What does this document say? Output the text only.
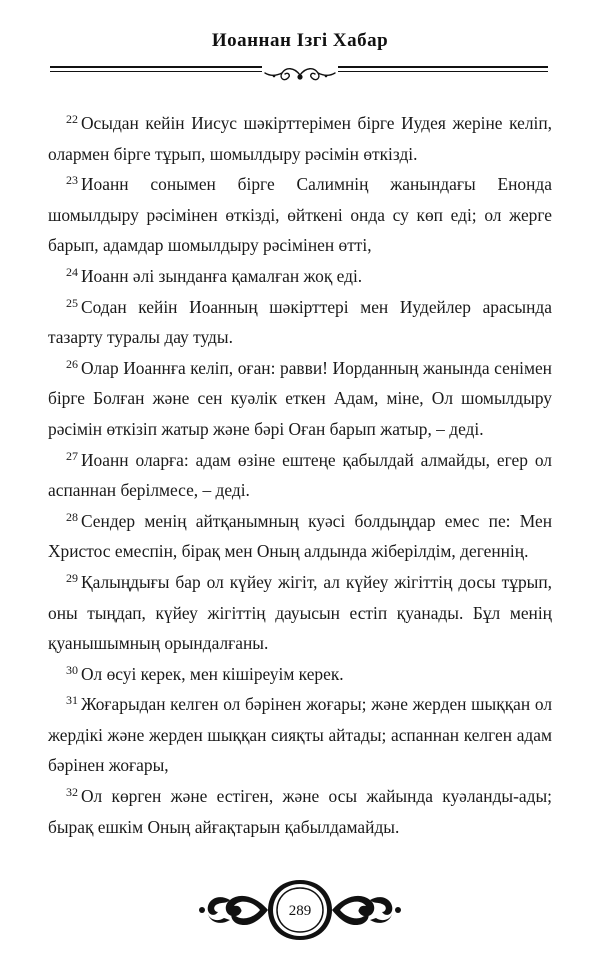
Иоаннан Ізгі Хабар

$^{22}$ Осыдан кейін Иисус шәкірттерімен бірге Иудея жеріне келіп, олармен бірге тұрып, шомылдыру рәсімін өткізді.

$^{23}$ Иоанн сонымен бірге Салимнің жанындағы Енонда шомылдыру рәсімінен өткізді, өйткені онда су көп еді; ол жерге барып, адамдар шомылдыру рәсімінен өтті,

$^{24}$ Иоанн әлі зынданға қамалған жоқ еді.

$^{25}$ Содан кейін Иоанның шәкірттері мен Иудейлер арасында тазарту туралы дау туды.

$^{26}$ Олар Иоаннға келіп, оған: равви! Иорданның жанында сенімен бірге Болған және сен куәлік еткен Адам, міне, Ол шомылдыру рәсімін өткізіп жатыр және бәрі Оған барып жатыр, – деді.

$^{27}$ Иоанн оларға: адам өзіне ештеңе қабылдай алмайды, егер ол аспаннан берілмесе, – деді.

$^{28}$ Сендер менің айтқанымның куәсі болдыңдар емес пе: Мен Христос емеспін, бірақ мен Оның алдында жіберілдім, дегеннің.

$^{29}$ Қалыңдығы бар ол күйеу жігіт, ал күйеу жігіттің досы тұрып, оны тыңдап, күйеу жігіттің дауысын естіп қуанады. Бұл менің қуанышымның орындалғаны.

$^{30}$ Ол өсуі керек, мен кішіреуім керек.

$^{31}$ Жоғарыдан келген ол бәрінен жоғары; және жерден шыққан ол жердікі және жерден шыққан сияқты айтады; аспаннан келген адам бәрінен жоғары,

$^{32}$ Ол көрген және естіген, және осы жайында куәланды-ады; бырақ ешкім Оның айғақтарын қабылдамайды.

289
